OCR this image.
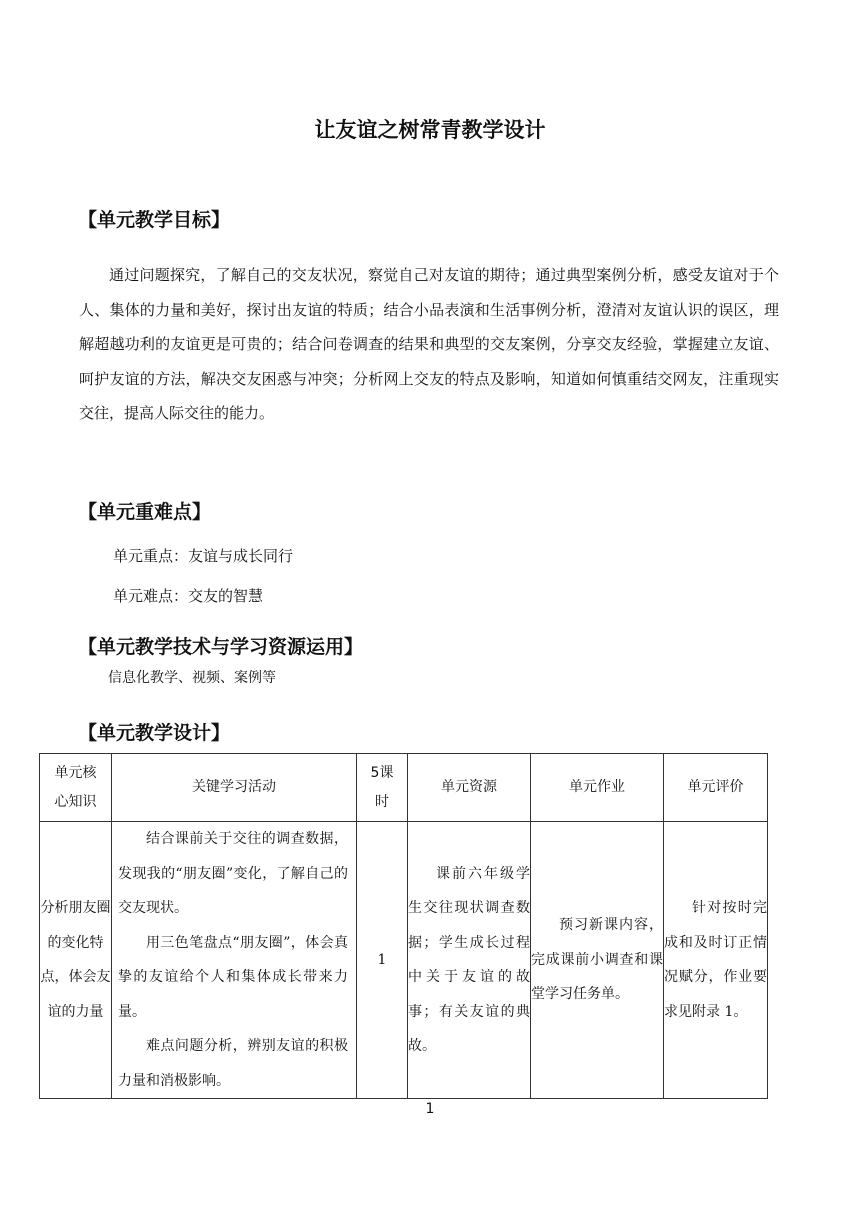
让友谊之树常青教学设计
【单元教学目标】
通过问题探究，了解自己的交友状况，察觉自己对友谊的期待；通过典型案例分析，感受友谊对于个人、集体的力量和美好，探讨出友谊的特质；结合小品表演和生活事例分析，澄清对友谊认识的误区，理解超越功利的友谊更是可贵的；结合问卷调查的结果和典型的交友案例，分享交友经验，掌握建立友谊、呵护友谊的方法，解决交友困惑与冲突；分析网上交友的特点及影响，知道如何慎重结交网友，注重现实交往，提高人际交往的能力。
【单元重难点】
单元重点：友谊与成长同行
单元难点：交友的智慧
【单元教学技术与学习资源运用】
信息化教学、视频、案例等
【单元教学设计】
单元核心知识	关键学习活动	5课时	单元资源	单元作业	单元评价
分析朋友圈的变化特点，体会友谊的力量	结合课前关于交往的调查数据，发现我的“朋友圈”变化，了解自己的交友现状。

用三色笔盘点“朋友圈”，体会真挚的友谊给个人和集体成长带来力量。

难点问题分析，辨别友谊的积极力量和消极影响。	1	课前六年级学生交往现状调查数据；学生成长过程中关于友谊的故事；有关友谊的典故。	预习新课内容，完成课前小调查和课堂学习任务单。	针对按时完成和及时订正情况赋分，作业要求见附录 1。
1
